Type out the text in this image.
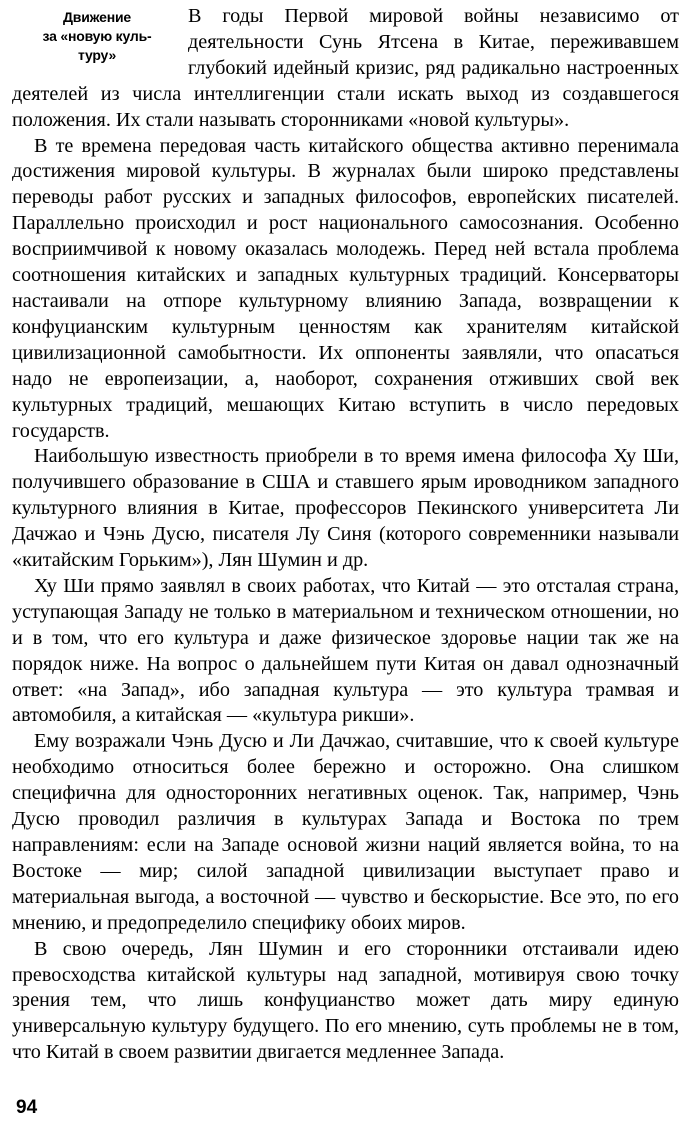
Движение
за «новую куль-
туру»

В годы Первой мировой войны независимо от деятельности Сунь Ятсена в Китае, переживавшем глубокий идейный кризис, ряд радикально настроенных деятелей из числа интеллигенции стали искать выход из создавшегося положения. Их стали называть сторонниками «новой культуры».

В те времена передовая часть китайского общества активно перенимала достижения мировой культуры. В журналах были широко представлены переводы работ русских и западных философов, европейских писателей. Параллельно происходил и рост национального самосознания. Особенно восприимчивой к новому оказалась молодежь. Перед ней встала проблема соотношения китайских и западных культурных традиций. Консерваторы настаивали на отпоре культурному влиянию Запада, возвращении к конфуцианским культурным ценностям как хранителям китайской цивилизационной самобытности. Их оппоненты заявляли, что опасаться надо не европеизации, а, наоборот, сохранения отживших свой век культурных традиций, мешающих Китаю вступить в число передовых государств.

Наибольшую известность приобрели в то время имена философа Ху Ши, получившего образование в США и ставшего ярым ироводником западного культурного влияния в Китае, профессоров Пекинского университета Ли Дачжао и Чэнь Дусю, писателя Лу Синя (которого современники называли «китайским Горьким»), Лян Шумин и др.

Ху Ши прямо заявлял в своих работах, что Китай — это отсталая страна, уступающая Западу не только в материальном и техническом отношении, но и в том, что его культура и даже физическое здоровье нации так же на порядок ниже. На вопрос о дальнейшем пути Китая он давал однозначный ответ: «на Запад», ибо западная культура — это культура трамвая и автомобиля, а китайская — «культура рикши».

Ему возражали Чэнь Дусю и Ли Дачжао, считавшие, что к своей культуре необходимо относиться более бережно и осторожно. Она слишком специфична для односторонних негативных оценок. Так, например, Чэнь Дусю проводил различия в культурах Запада и Востока по трем направлениям: если на Западе основой жизни наций является война, то на Востоке — мир; силой западной цивилизации выступает право и материальная выгода, а восточной — чувство и бескорыстие. Все это, по его мнению, и предопределило специфику обоих миров.

В свою очередь, Лян Шумин и его сторонники отстаивали идею превосходства китайской культуры над западной, мотивируя свою точку зрения тем, что лишь конфуцианство может дать миру единую универсальную культуру будущего. По его мнению, суть проблемы не в том, что Китай в своем развитии двигается медленнее Запада.

94
